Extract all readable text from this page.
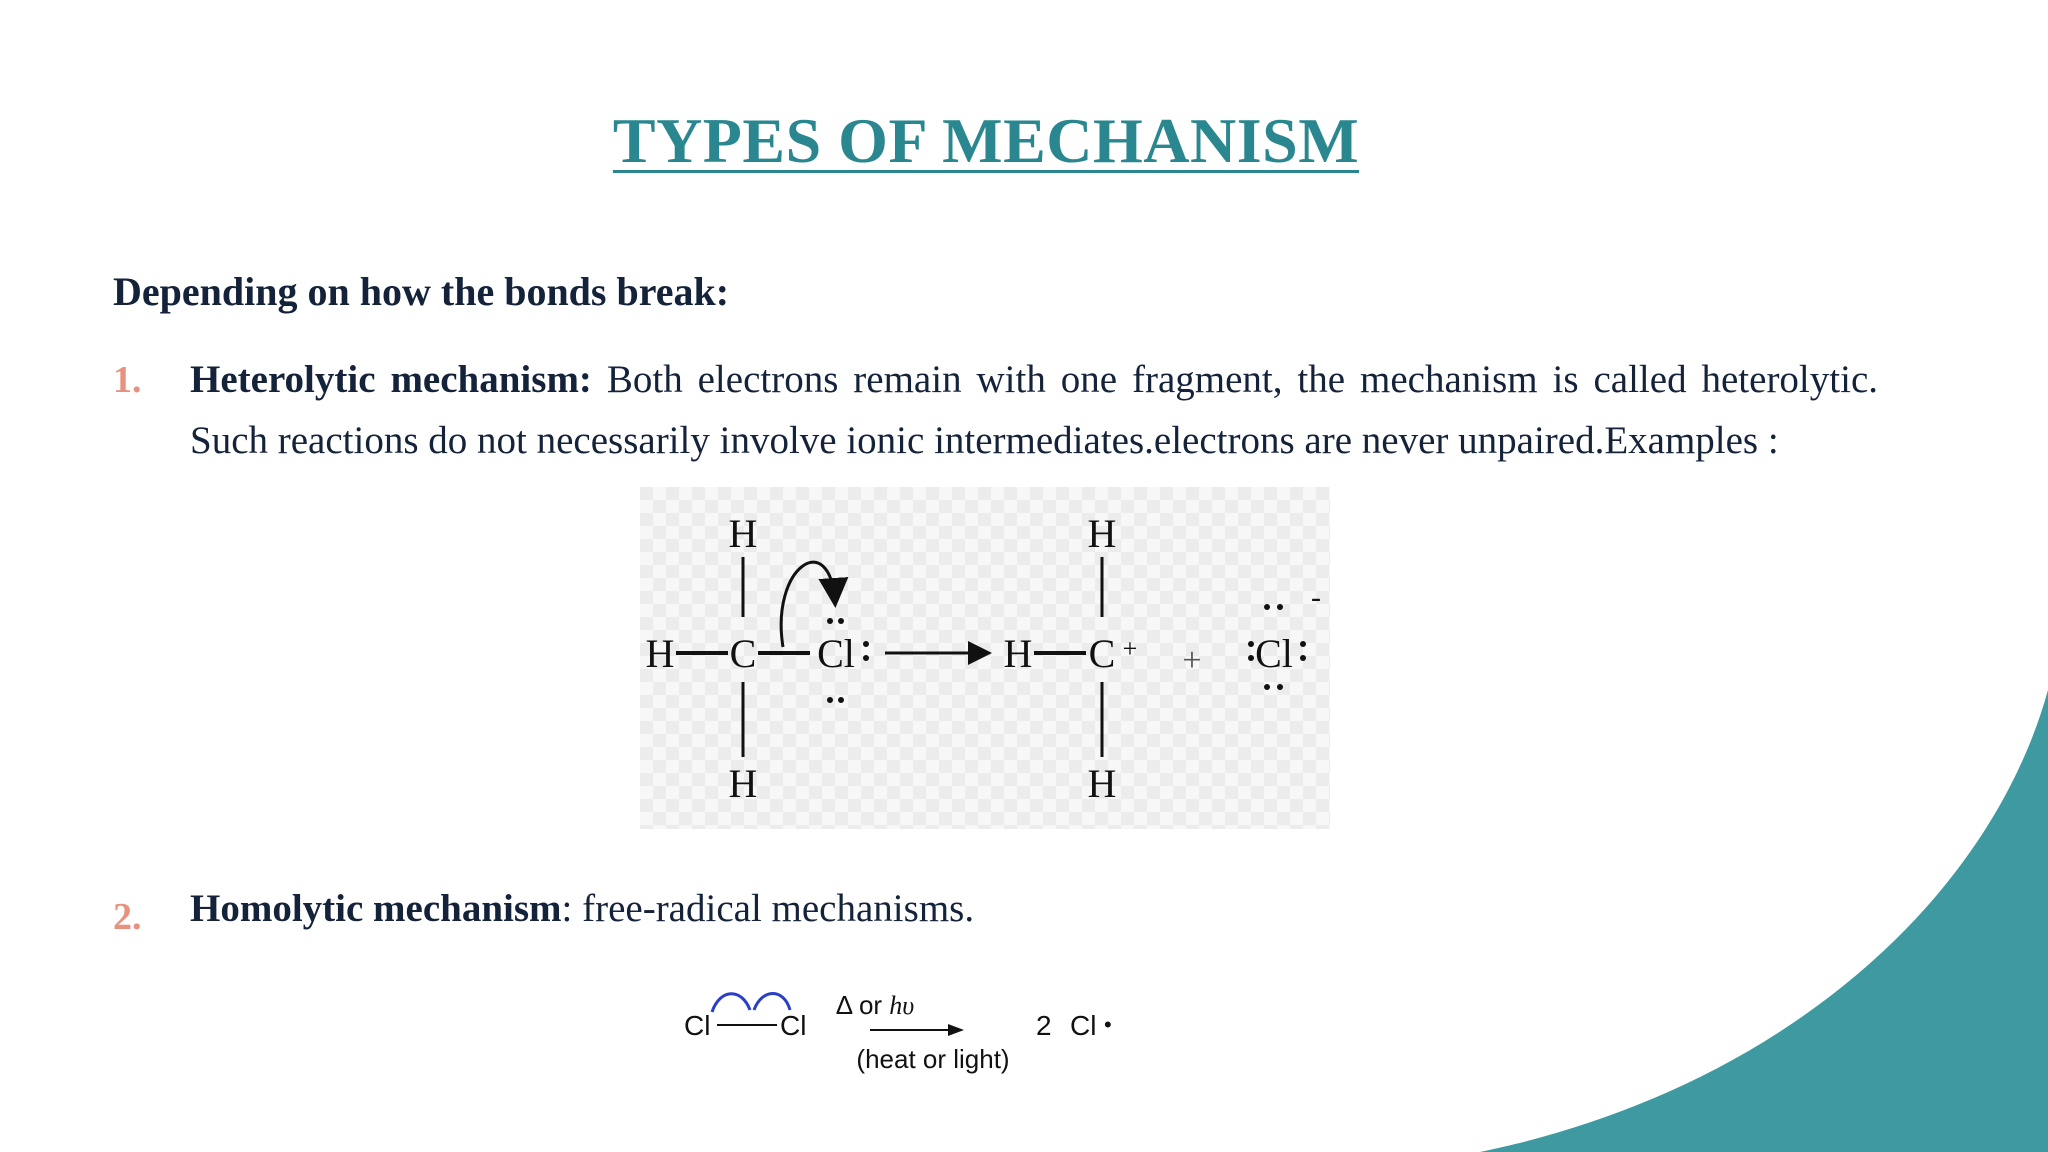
TYPES OF MECHANISM
Depending on how the bonds break:
1. Heterolytic mechanism: Both electrons remain with one fragment, the mechanism is called heterolytic. Such reactions do not necessarily involve ionic intermediates.electrons are never unpaired.Examples :
H
H C Cl
H
H
H C +
H
+ Cl
-
2. Homolytic mechanism: free-radical mechanisms.
Cl Cl
Δ or hυ
(heat or light)
2 Cl •
